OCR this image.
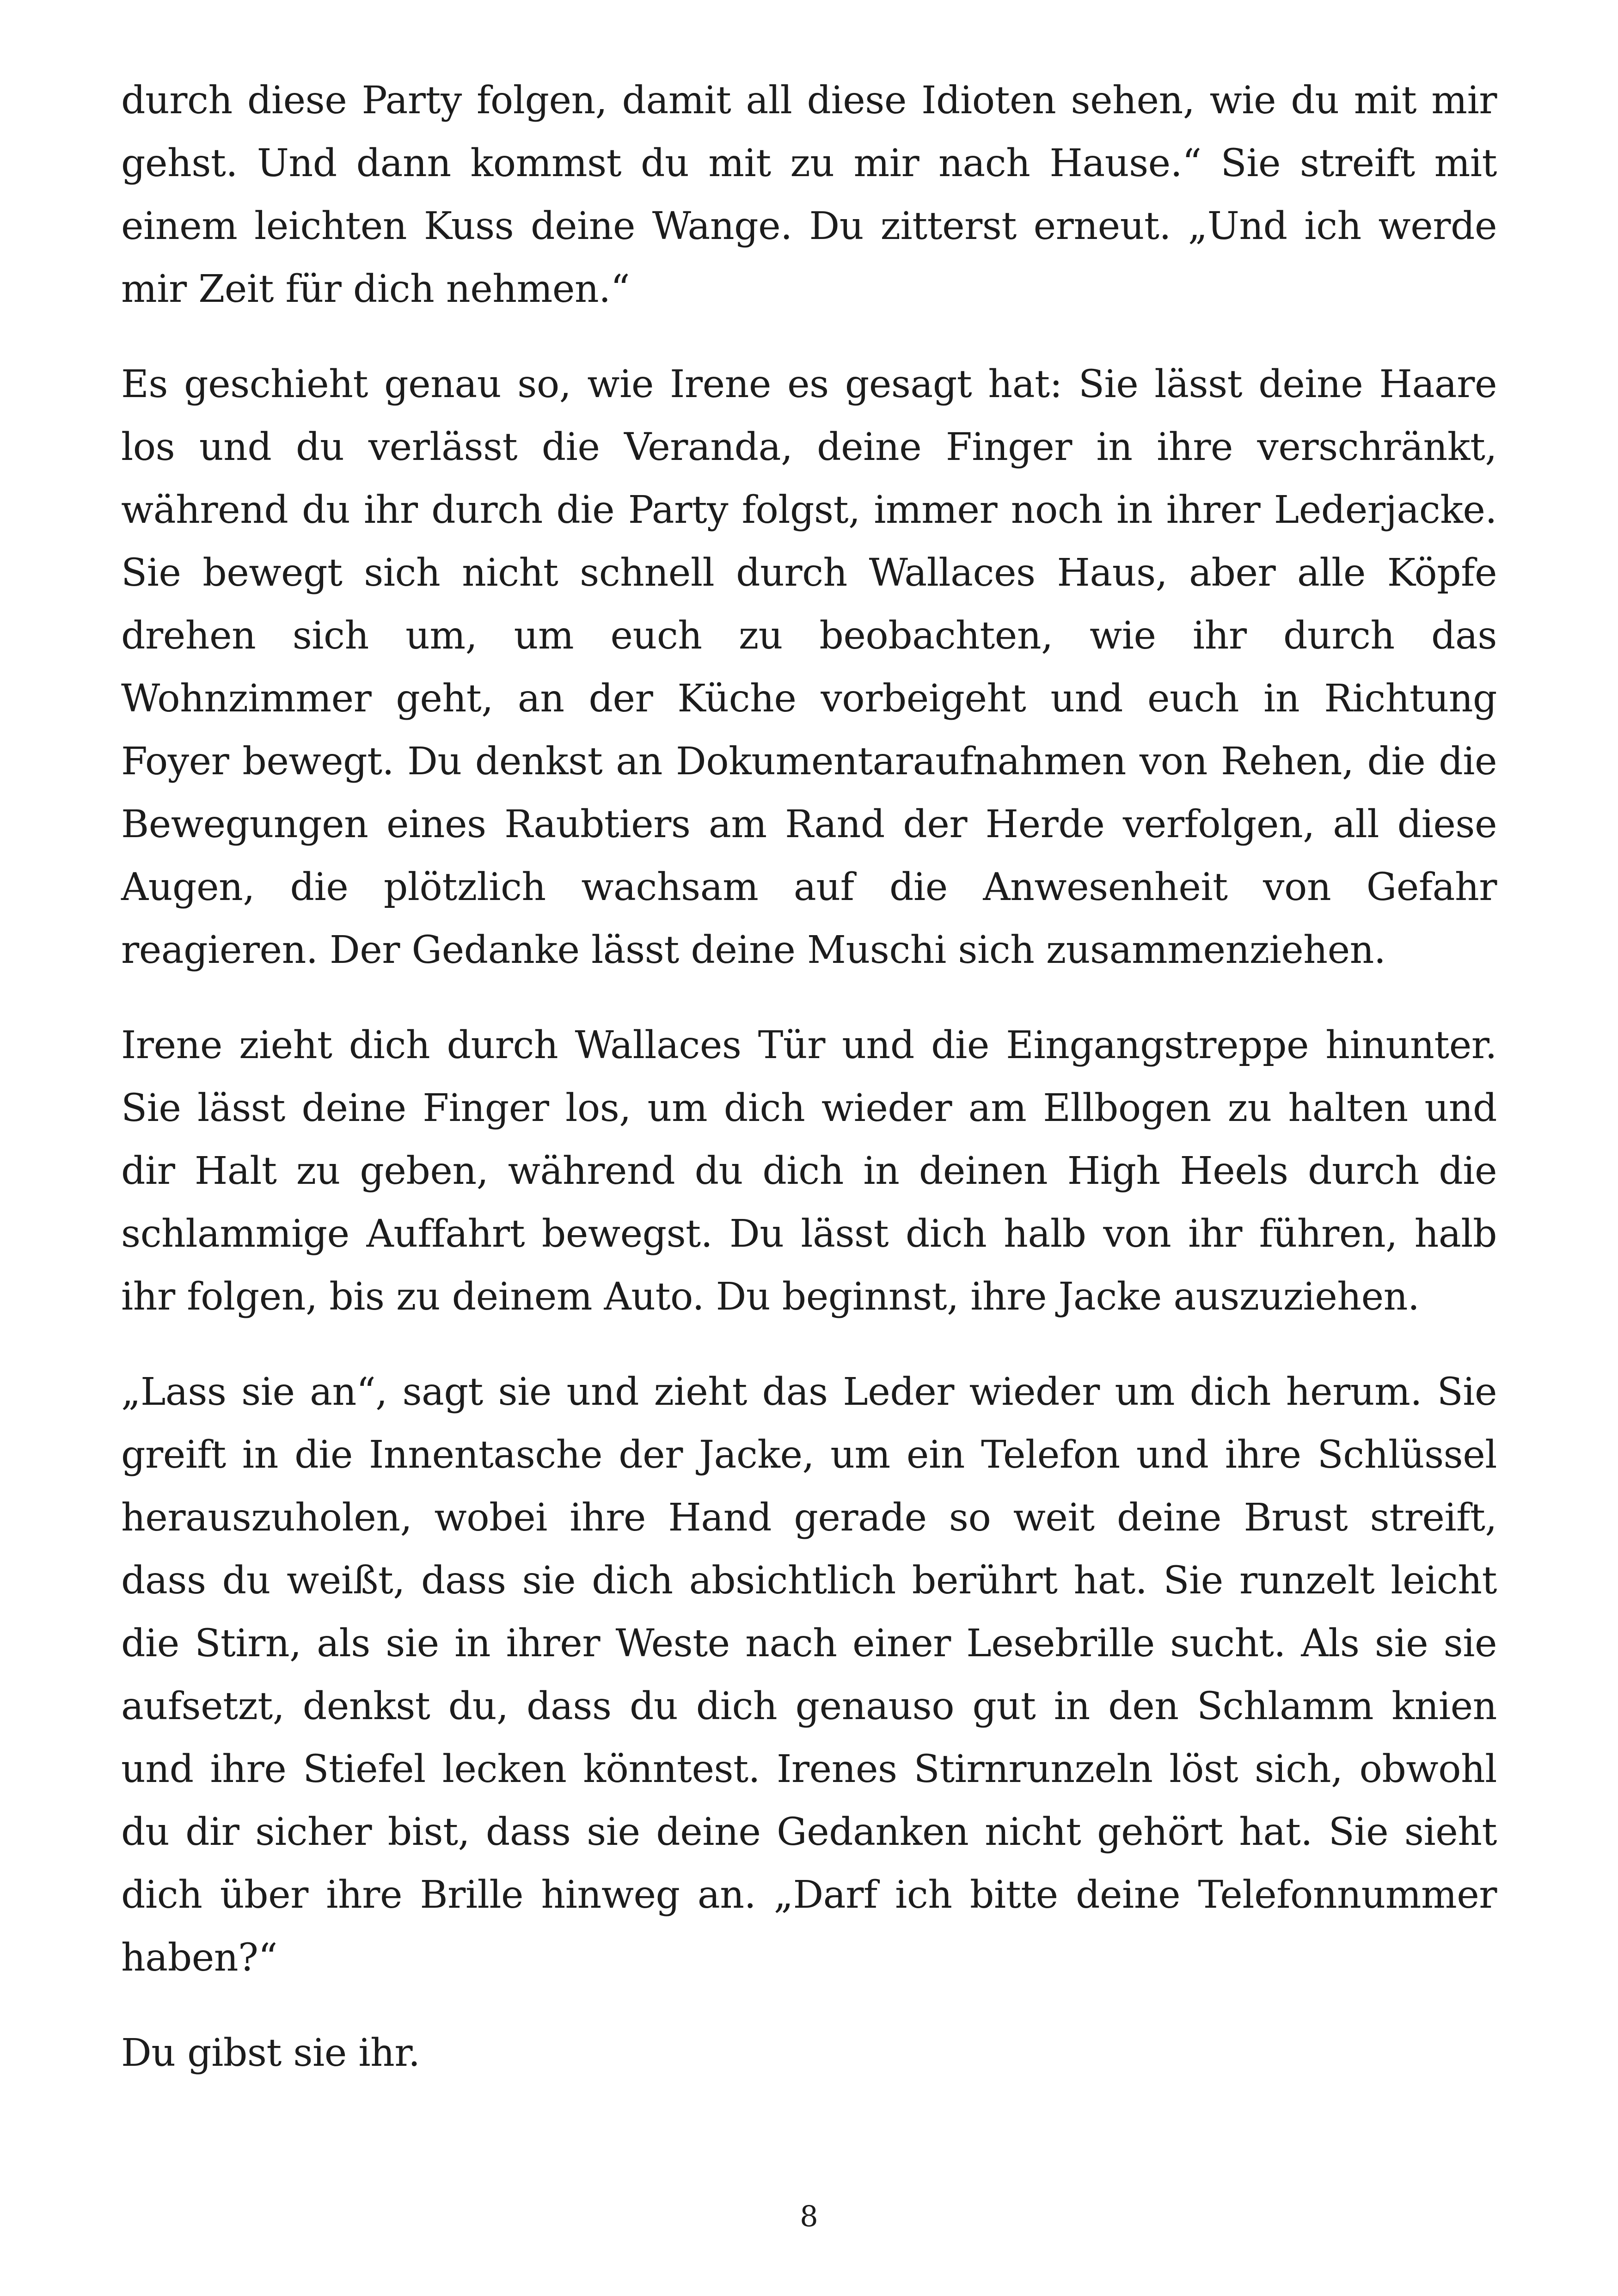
durch diese Party folgen, damit all diese Idioten sehen, wie du mit mir gehst. Und dann kommst du mit zu mir nach Hause.“ Sie streift mit einem leichten Kuss deine Wange. Du zitterst erneut. „Und ich werde mir Zeit für dich nehmen.“

Es geschieht genau so, wie Irene es gesagt hat: Sie lässt deine Haare los und du verlässt die Veranda, deine Finger in ihre verschränkt, während du ihr durch die Party folgst, immer noch in ihrer Lederjacke. Sie bewegt sich nicht schnell durch Wallaces Haus, aber alle Köpfe drehen sich um, um euch zu beobachten, wie ihr durch das Wohnzimmer geht, an der Küche vorbeigeht und euch in Richtung Foyer bewegt. Du denkst an Dokumentaraufnahmen von Rehen, die die Bewegungen eines Raubtiers am Rand der Herde verfolgen, all diese Augen, die plötzlich wachsam auf die Anwesenheit von Gefahr reagieren. Der Gedanke lässt deine Muschi sich zusammenziehen.

Irene zieht dich durch Wallaces Tür und die Eingangstreppe hinunter. Sie lässt deine Finger los, um dich wieder am Ellbogen zu halten und dir Halt zu geben, während du dich in deinen High Heels durch die schlammige Auffahrt bewegst. Du lässt dich halb von ihr führen, halb ihr folgen, bis zu deinem Auto. Du beginnst, ihre Jacke auszuziehen.

„Lass sie an“, sagt sie und zieht das Leder wieder um dich herum. Sie greift in die Innentasche der Jacke, um ein Telefon und ihre Schlüssel herauszuholen, wobei ihre Hand gerade so weit deine Brust streift, dass du weißt, dass sie dich absichtlich berührt hat. Sie runzelt leicht die Stirn, als sie in ihrer Weste nach einer Lesebrille sucht. Als sie sie aufsetzt, denkst du, dass du dich genauso gut in den Schlamm knien und ihre Stiefel lecken könntest. Irenes Stirnrunzeln löst sich, obwohl du dir sicher bist, dass sie deine Gedanken nicht gehört hat. Sie sieht dich über ihre Brille hinweg an. „Darf ich bitte deine Telefonnummer haben?“

Du gibst sie ihr.

8
